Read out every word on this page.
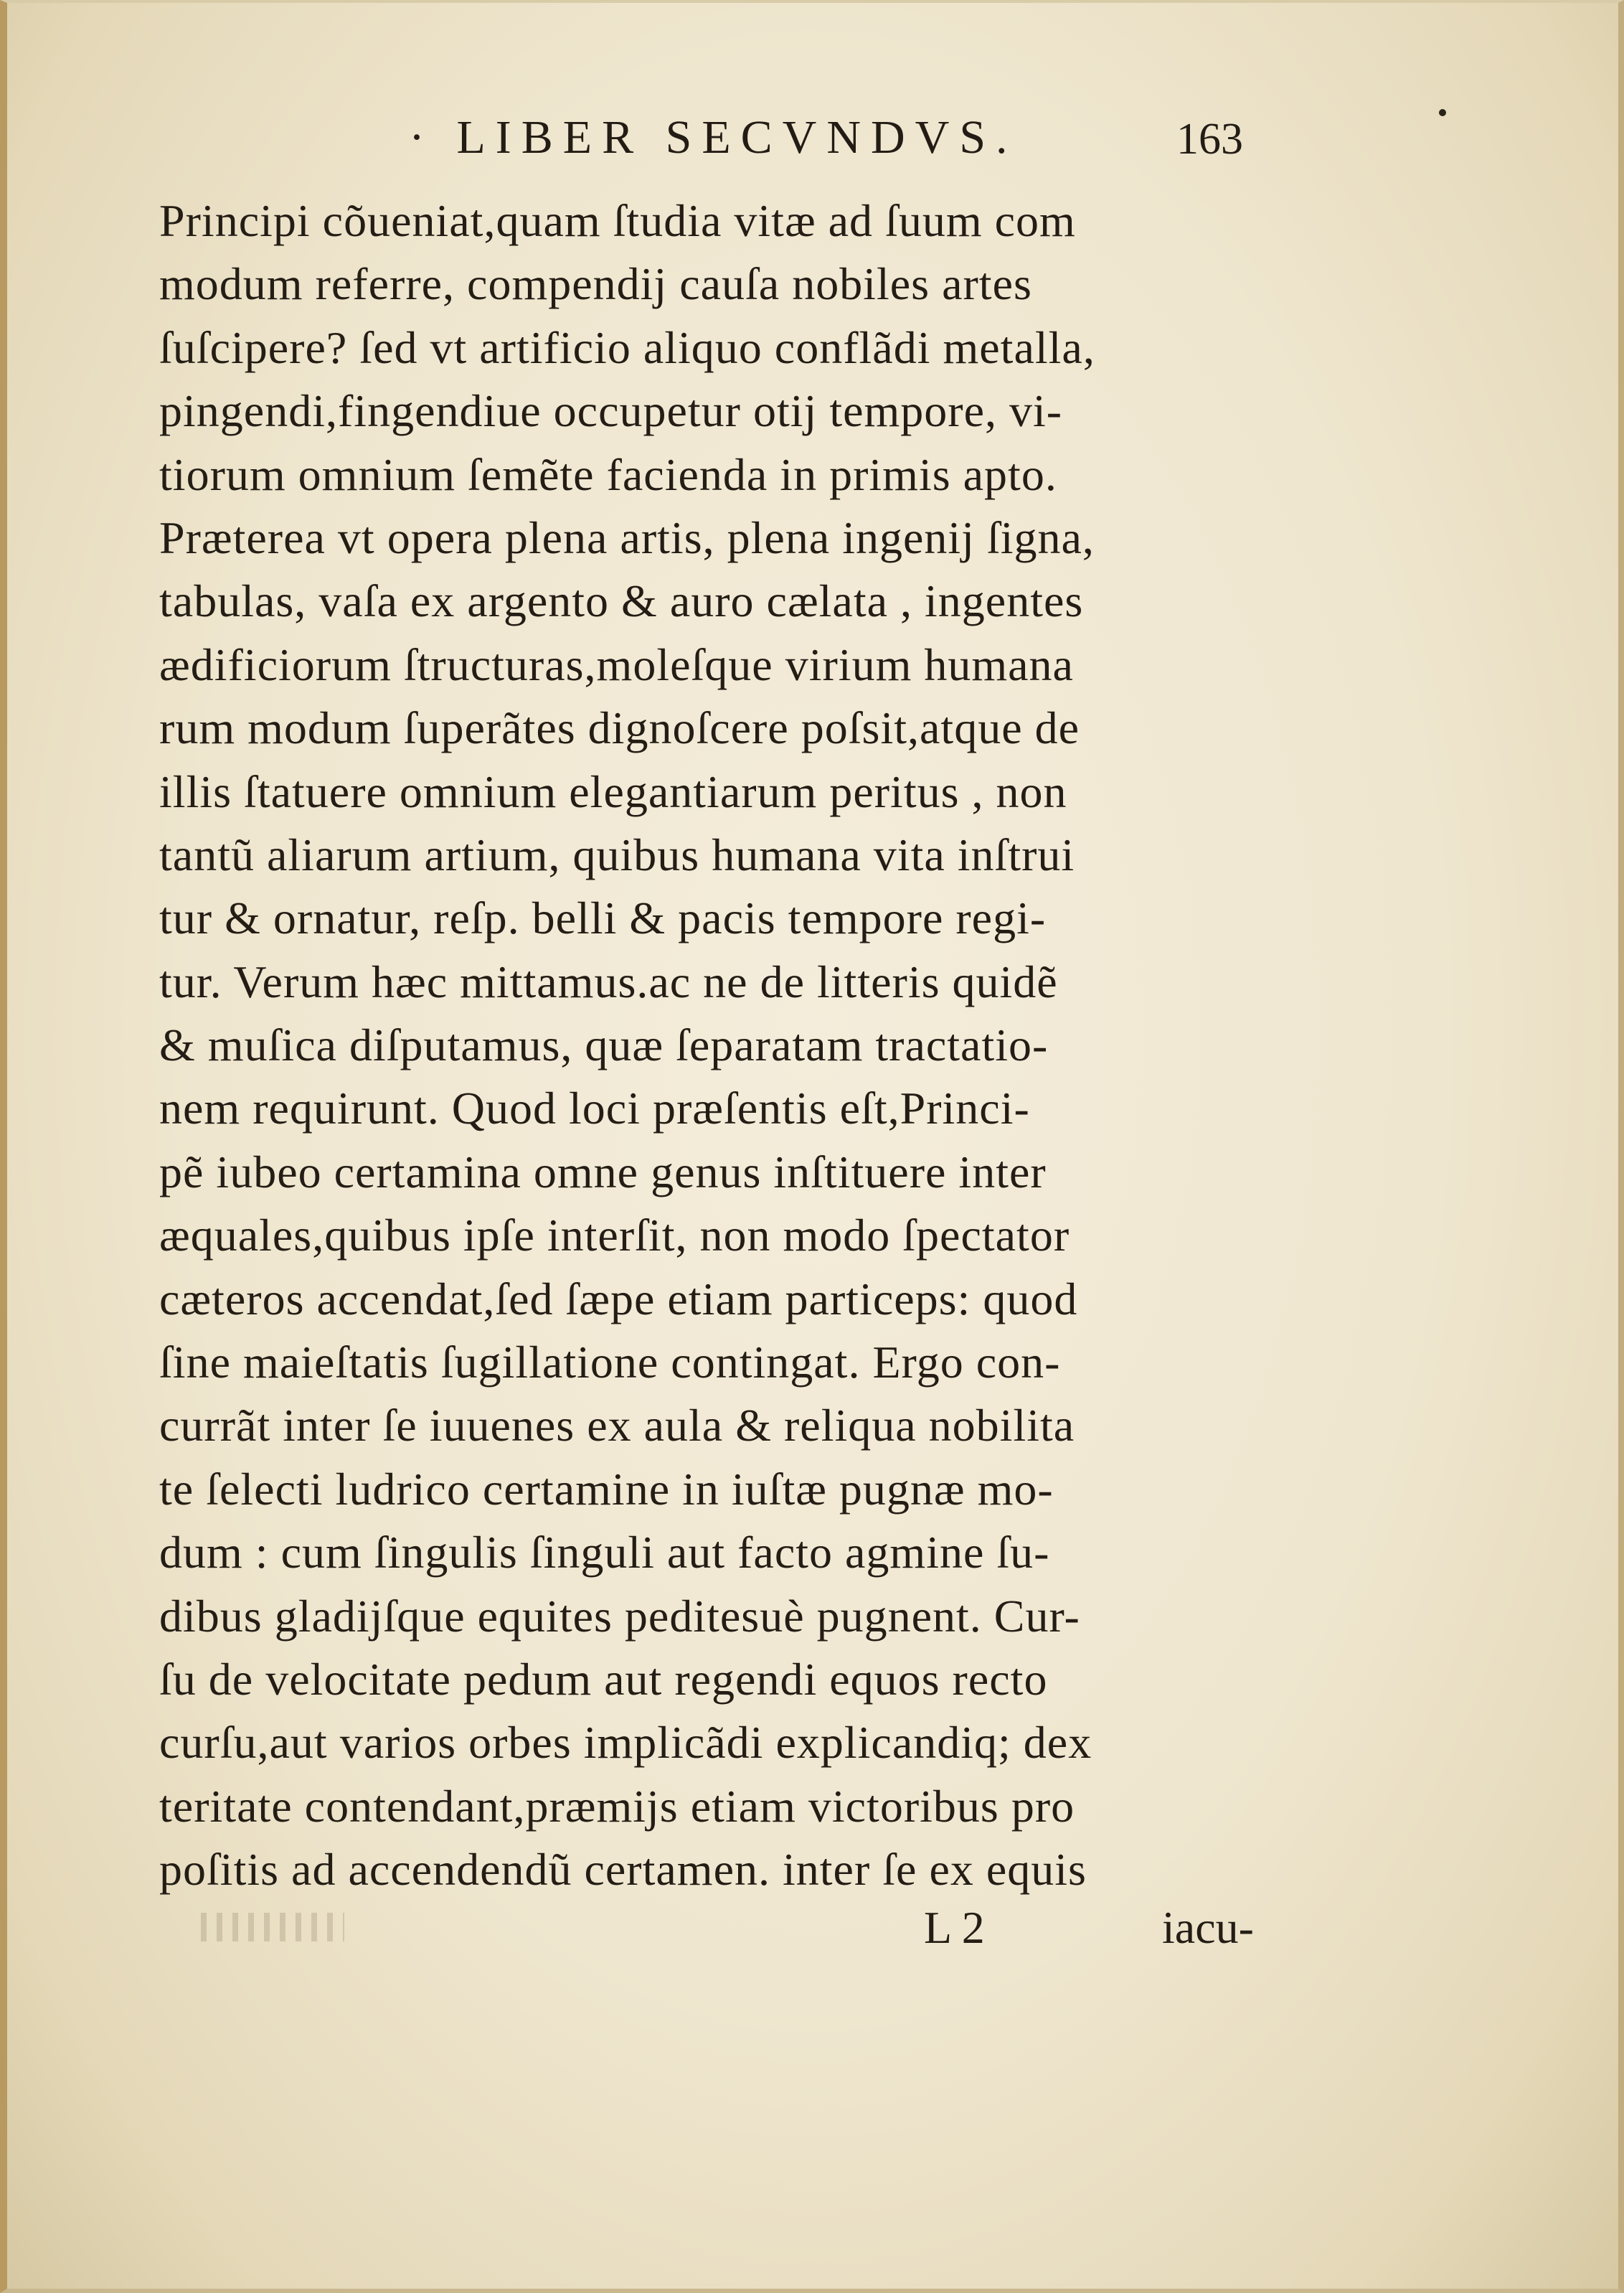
· LIBER SECVNDVS.	163
Principi cõueniat,quam ſtudia vitæ ad ſuum com
modum referre, compendij cauſa nobiles artes
ſuſcipere? ſed vt artificio aliquo conflãdi metalla,
pingendi,fingendiue occupetur otij tempore, vi-
tiorum omnium ſemẽte facienda in primis apto.
Præterea vt opera plena artis, plena ingenij ſigna,
tabulas, vaſa ex argento & auro cælata , ingentes
ædificiorum ſtructuras,moleſque virium humana
rum modum ſuperãtes dignoſcere poſsit,atque de
illis ſtatuere omnium elegantiarum peritus , non
tantũ aliarum artium, quibus humana vita inſtrui
tur & ornatur, reſp. belli & pacis tempore regi-
tur. Verum hæc mittamus.ac ne de litteris quidẽ
& muſica diſputamus, quæ ſeparatam tractatio-
nem requirunt. Quod loci præſentis eſt,Princi-
pẽ iubeo certamina omne genus inſtituere inter
æquales,quibus ipſe interſit, non modo ſpectator
cæteros accendat,ſed ſæpe etiam particeps: quod
ſine maieſtatis ſugillatione contingat. Ergo con-
currãt inter ſe iuuenes ex aula & reliqua nobilita
te ſelecti ludrico certamine in iuſtæ pugnæ mo-
dum : cum ſingulis ſinguli aut facto agmine ſu-
dibus gladijſque equites peditesuè pugnent. Cur-
ſu de velocitate pedum aut regendi equos recto
curſu,aut varios orbes implicãdi explicandiq; dex
teritate contendant,præmijs etiam victoribus pro
poſitis ad accendendũ certamen. inter ſe ex equis
L 2	iacu-
